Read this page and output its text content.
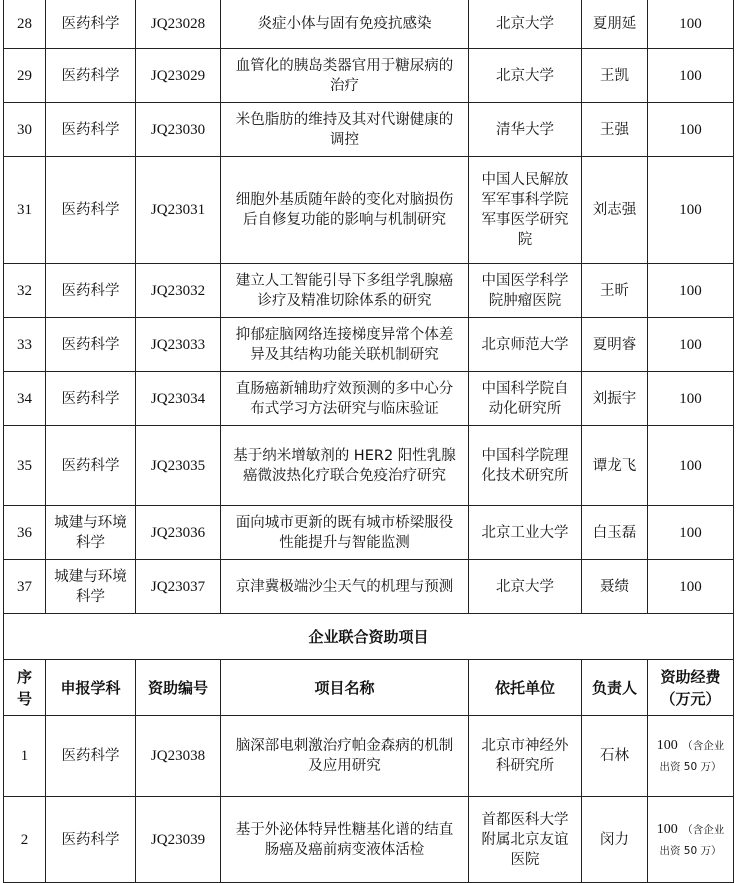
28	医药科学	JQ23028	炎症小体与固有免疫抗感染	北京大学	夏朋延	100
29	医药科学	JQ23029	血管化的胰岛类器官用于糖尿病的治疗	北京大学	王凯	100
30	医药科学	JQ23030	米色脂肪的维持及其对代谢健康的调控	清华大学	王强	100
31	医药科学	JQ23031	细胞外基质随年龄的变化对脑损伤后自修复功能的影响与机制研究	中国人民解放军军事科学院军事医学研究院	刘志强	100
32	医药科学	JQ23032	建立人工智能引导下多组学乳腺癌诊疗及精准切除体系的研究	中国医学科学院肿瘤医院	王昕	100
33	医药科学	JQ23033	抑郁症脑网络连接梯度异常个体差异及其结构功能关联机制研究	北京师范大学	夏明睿	100
34	医药科学	JQ23034	直肠癌新辅助疗效预测的多中心分布式学习方法研究与临床验证	中国科学院自动化研究所	刘振宇	100
35	医药科学	JQ23035	基于纳米增敏剂的 HER2 阳性乳腺癌微波热化疗联合免疫治疗研究	中国科学院理化技术研究所	谭龙飞	100
36	城建与环境科学	JQ23036	面向城市更新的既有城市桥梁服役性能提升与智能监测	北京工业大学	白玉磊	100
37	城建与环境科学	JQ23037	京津冀极端沙尘天气的机理与预测	北京大学	聂绩	100
企业联合资助项目						
序号	申报学科	资助编号	项目名称	依托单位	负责人	资助经费（万元）
1	医药科学	JQ23038	脑深部电刺激治疗帕金森病的机制及应用研究	北京市神经外科研究所	石林	100 （含企业出资 50 万）
2	医药科学	JQ23039	基于外泌体特异性糖基化谱的结直肠癌及癌前病变液体活检	首都医科大学附属北京友谊医院	闵力	100 （含企业出资 50 万）
